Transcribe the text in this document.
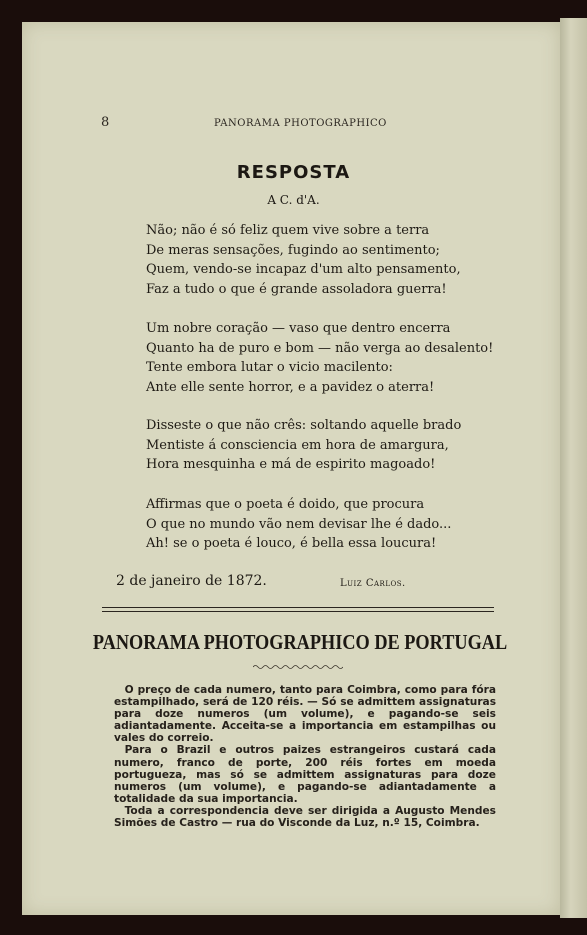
8	PANORAMA PHOTOGRAPHICO
RESPOSTA
A C. d'A.
Não; não é só feliz quem vive sobre a terra
De meras sensações, fugindo ao sentimento;
Quem, vendo-se incapaz d'um alto pensamento,
Faz a tudo o que é grande assoladora guerra!
Um nobre coração — vaso que dentro encerra
Quanto ha de puro e bom — não verga ao desalento!
Tente embora lutar o vicio macilento:
Ante elle sente horror, e a pavidez o aterra!
Disseste o que não crês: soltando aquelle brado
Mentiste á consciencia em hora de amargura,
Hora mesquinha e má de espirito magoado!
Affirmas que o poeta é doido, que procura
O que no mundo vão nem devisar lhe é dado...
Ah! se o poeta é louco, é bella essa loucura!
2 de janeiro de 1872.	Luiz Carlos.
PANORAMA PHOTOGRAPHICO DE PORTUGAL

O preço de cada numero, tanto para Coimbra, como para fóra estampilhado, será de 120 réis. — Só se admittem assignaturas para doze numeros (um volume), e pagando-se seis adiantadamente. Acceita-se a importancia em estampilhas ou vales do correio.

Para o Brazil e outros paizes estrangeiros custará cada numero, franco de porte, 200 réis fortes em moeda portugueza, mas só se admittem assignaturas para doze numeros (um volume), e pagando-se adiantadamente a totalidade da sua importancia.

Toda a correspondencia deve ser dirigida a Augusto Mendes Simões de Castro — rua do Visconde da Luz, n.º 15, Coimbra.
